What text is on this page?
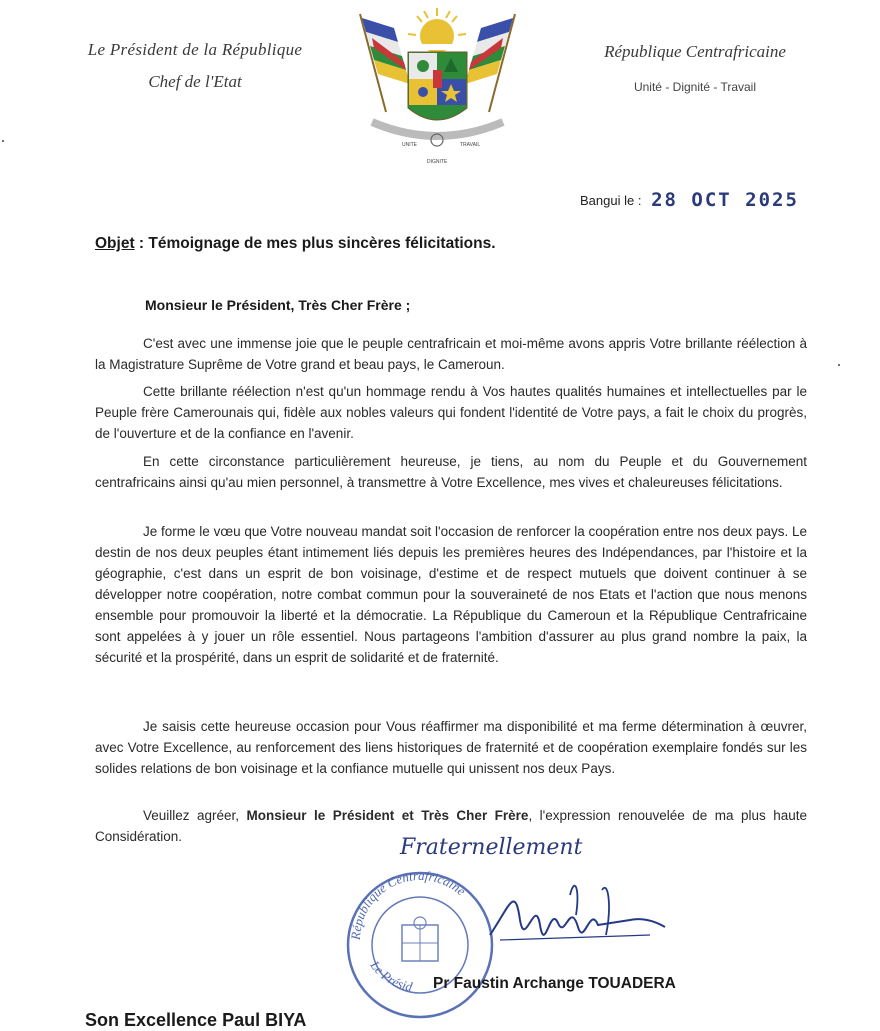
Le Président de la République
Chef de l'Etat
UNITE	TRAVAIL
DIGNITE
République Centrafricaine
Unité - Dignité - Travail
Bangui le : 28 OCT 2025
Objet : Témoignage de mes plus sincères félicitations.
Monsieur le Président, Très Cher Frère ;

C'est avec une immense joie que le peuple centrafricain et moi-même avons appris Votre brillante réélection à la Magistrature Suprême de Votre grand et beau pays, le Cameroun.

Cette brillante réélection n'est qu'un hommage rendu à Vos hautes qualités humaines et intellectuelles par le Peuple frère Camerounais qui, fidèle aux nobles valeurs qui fondent l'identité de Votre pays, a fait le choix du progrès, de l'ouverture et de la confiance en l'avenir.

En cette circonstance particulièrement heureuse, je tiens, au nom du Peuple et du Gouvernement centrafricains ainsi qu'au mien personnel, à transmettre à Votre Excellence, mes vives et chaleureuses félicitations.

Je forme le vœu que Votre nouveau mandat soit l'occasion de renforcer la coopération entre nos deux pays. Le destin de nos deux peuples étant intimement liés depuis les premières heures des Indépendances, par l'histoire et la géographie, c'est dans un esprit de bon voisinage, d'estime et de respect mutuels que doivent continuer à se développer notre coopération, notre combat commun pour la souveraineté de nos Etats et l'action que nous menons ensemble pour promouvoir la liberté et la démocratie. La République du Cameroun et la République Centrafricaine sont appelées à y jouer un rôle essentiel. Nous partageons l'ambition d'assurer au plus grand nombre la paix, la sécurité et la prospérité, dans un esprit de solidarité et de fraternité.

Je saisis cette heureuse occasion pour Vous réaffirmer ma disponibilité et ma ferme détermination à œuvrer, avec Votre Excellence, au renforcement des liens historiques de fraternité et de coopération exemplaire fondés sur les solides relations de bon voisinage et la confiance mutuelle qui unissent nos deux Pays.

Veuillez agréer, Monsieur le Président et Très Cher Frère, l'expression renouvelée de ma plus haute Considération.

République Centrafricaine
Le Présid
Fraternellement
Pr Faustin Archange TOUADERA
Son Excellence Paul BIYA
